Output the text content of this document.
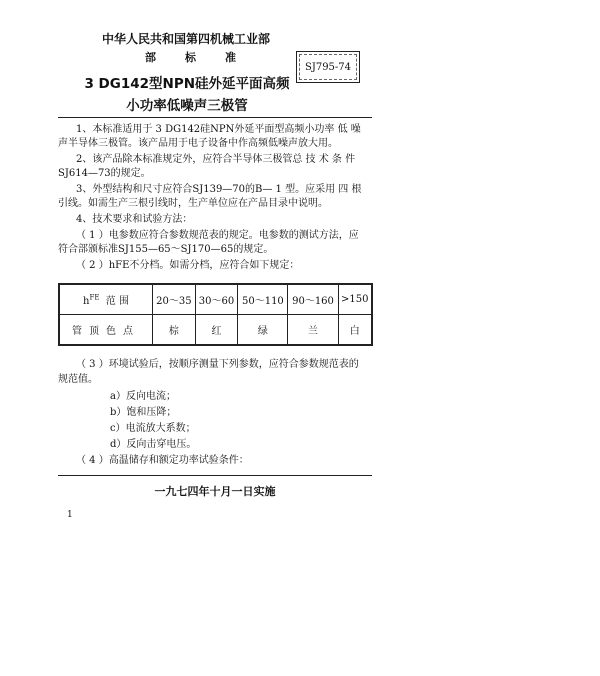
中华人民共和国第四机械工业部
部	标	准
SJ795-74
3 DG142型NPN硅外延平面高频
小功率低噪声三极管
1、本标准适用于 3 DG142硅NPN外延平面型高频小功率 低 噪
声半导体三极管。该产品用于电子设备中作高频低噪声放大用。
2、该产品除本标准规定外，应符合半导体三极管总 技 术 条 件
SJ614—73的规定。
3、外型结构和尺寸应符合SJ139—70的B— 1 型。应采用 四 根
引线。如需生产三根引线时，生产单位应在产品目录中说明。
4、技术要求和试验方法：
（ 1 ）电参数应符合参数规范表的规定。电参数的测试方法，应
符合部颁标准SJ155—65～SJ170—65的规定。
（ 2 ）hFE不分档。如需分档，应符合如下规定：
$h^{FE}$ 范 围	20～35	30～60	50～110	90～160	>150
管顶色点	棕	红	绿	兰	白
（ 3 ）环境试验后，按顺序测量下列参数，应符合参数规范表的
规范值。
a）反向电流；
b）饱和压降；
c）电流放大系数；
d）反向击穿电压。
（ 4 ）高温储存和额定功率试验条件：
一九七四年十月一日实施
1
